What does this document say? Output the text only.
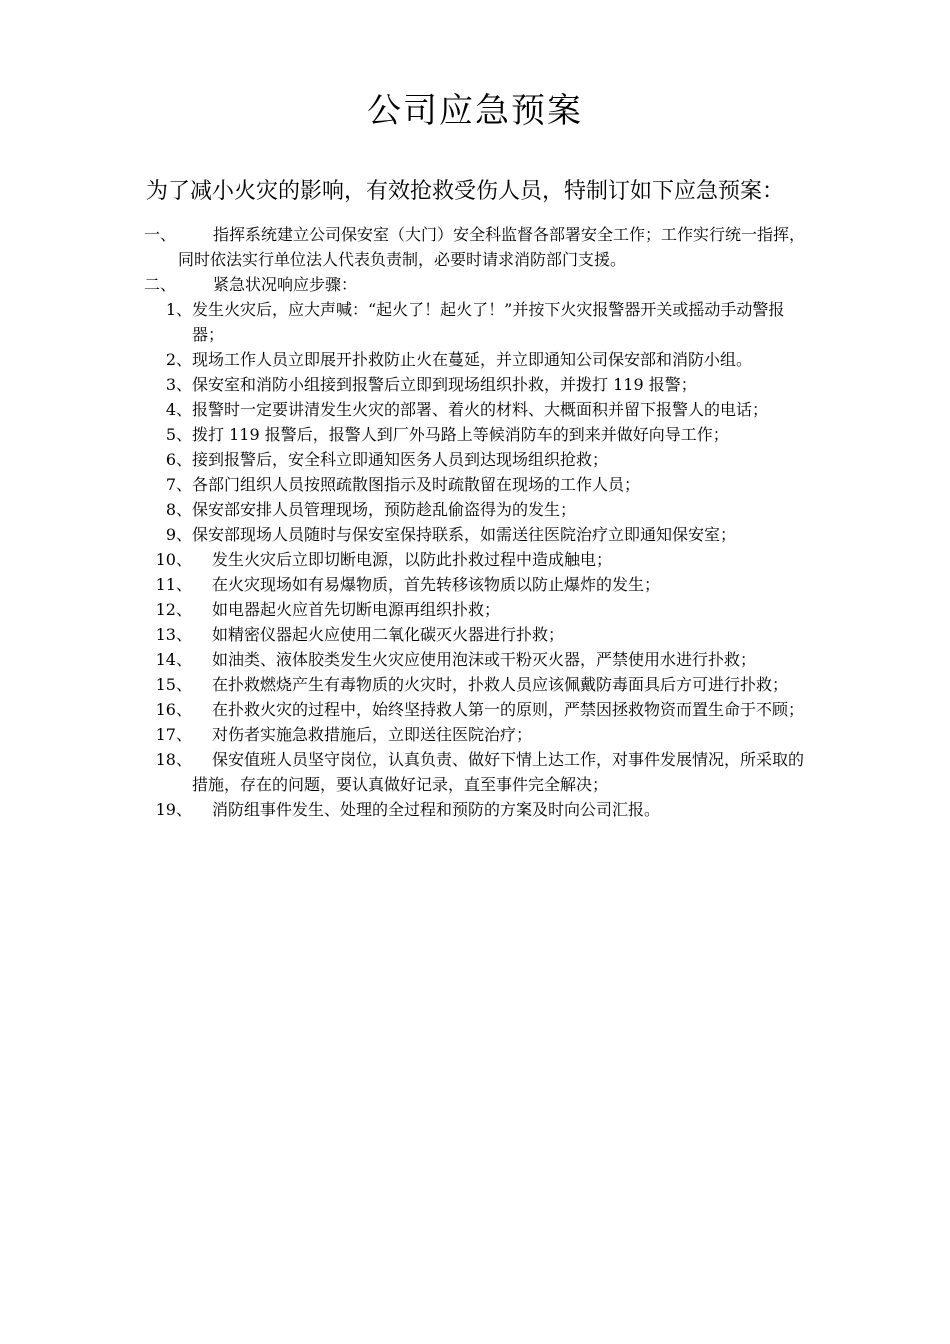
公司应急预案
为了减小火灾的影响，有效抢救受伤人员，特制订如下应急预案：
一、	指挥系统建立公司保安室（大门）安全科监督各部署安全工作；工作实行统一指挥，同时依法实行单位法人代表负责制，必要时请求消防部门支援。
二、	紧急状况响应步骤：
1、 发生火灾后，应大声喊：“起火了！起火了！”并按下火灾报警器开关或摇动手动警报器；
2、 现场工作人员立即展开扑救防止火在蔓延，并立即通知公司保安部和消防小组。
3、 保安室和消防小组接到报警后立即到现场组织扑救，并拨打 119 报警；
4、 报警时一定要讲清发生火灾的部署、着火的材料、大概面积并留下报警人的电话；
5、 拨打 119 报警后，报警人到厂外马路上等候消防车的到来并做好向导工作；
6、 接到报警后，安全科立即通知医务人员到达现场组织抢救；
7、 各部门组织人员按照疏散图指示及时疏散留在现场的工作人员；
8、 保安部安排人员管理现场，预防趁乱偷盗得为的发生；
9、 保安部现场人员随时与保安室保持联系，如需送往医院治疗立即通知保安室；
10、	发生火灾后立即切断电源，以防此扑救过程中造成触电；
11、	在火灾现场如有易爆物质，首先转移该物质以防止爆炸的发生；
12、	如电器起火应首先切断电源再组织扑救；
13、	如精密仪器起火应使用二氧化碳灭火器进行扑救；
14、	如油类、液体胶类发生火灾应使用泡沫或干粉灭火器，严禁使用水进行扑救；
15、	在扑救燃烧产生有毒物质的火灾时，扑救人员应该佩戴防毒面具后方可进行扑救；
16、	在扑救火灾的过程中，始终坚持救人第一的原则，严禁因拯救物资而置生命于不顾；
17、	对伤者实施急救措施后，立即送往医院治疗；
18、	保安值班人员坚守岗位，认真负责、做好下情上达工作，对事件发展情况，所采取的措施，存在的问题，要认真做好记录，直至事件完全解决；
19、	消防组事件发生、处理的全过程和预防的方案及时向公司汇报。
